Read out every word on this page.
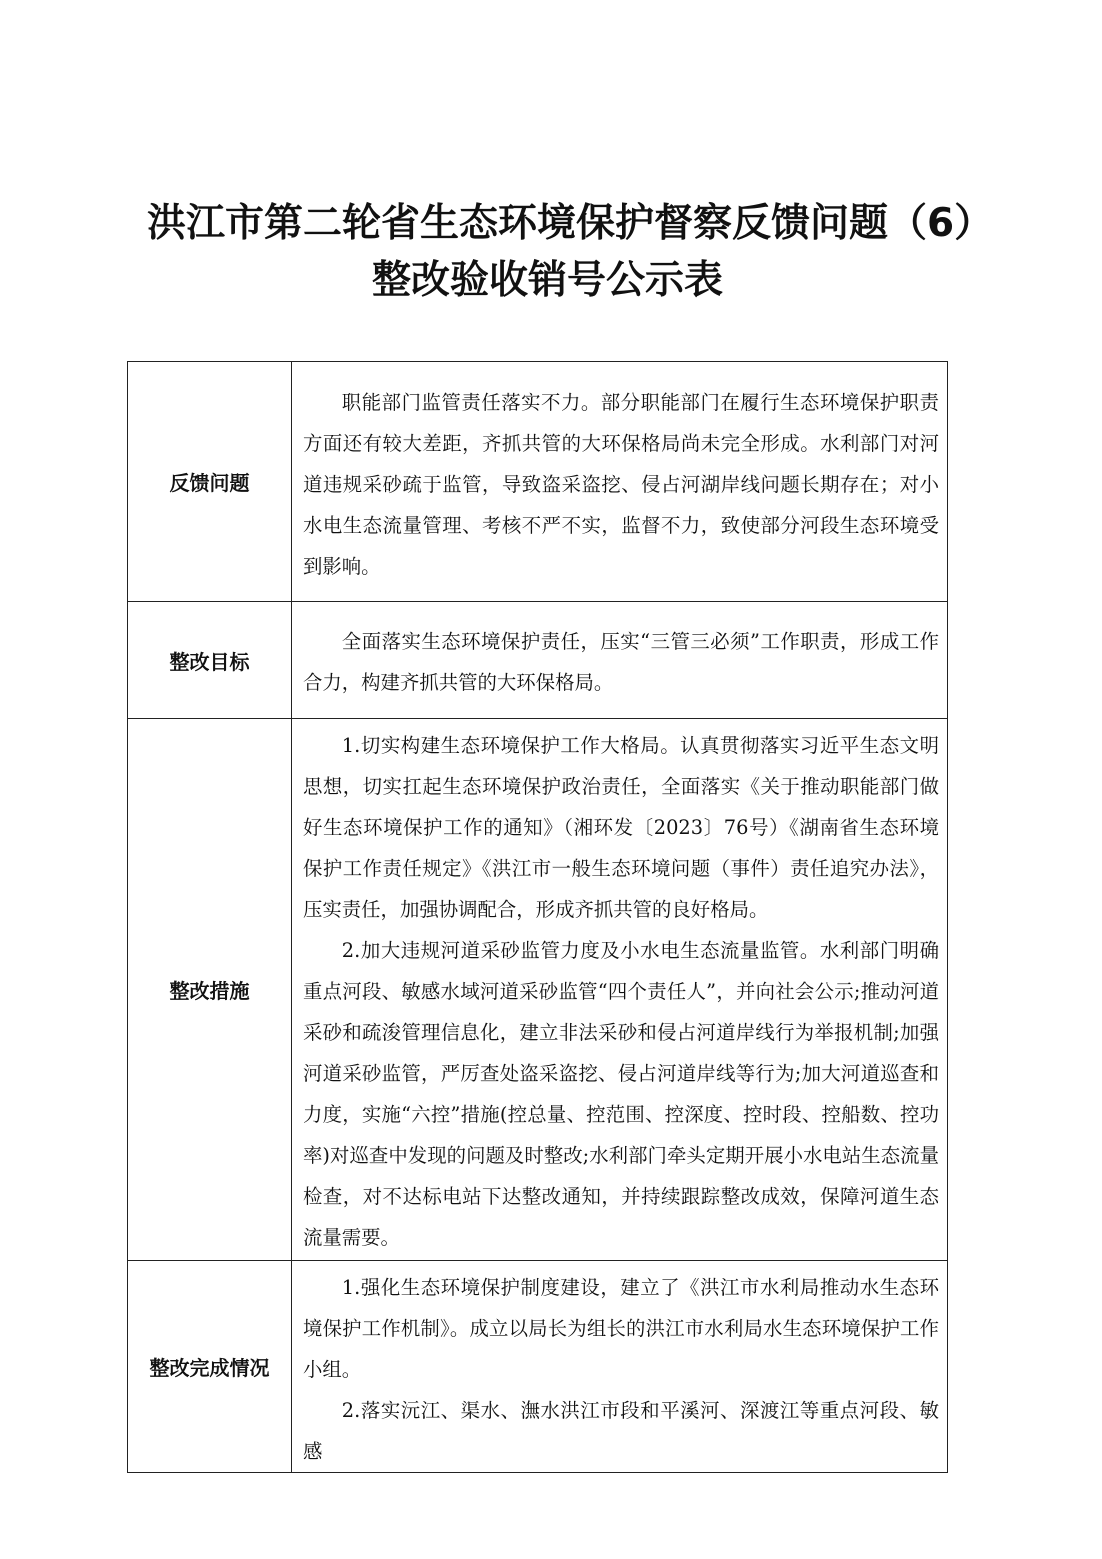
洪江市第二轮省生态环境保护督察反馈问题（6）
整改验收销号公示表
反馈问题	职能部门监管责任落实不力。部分职能部门在履行生态环境保护职责方面还有较大差距，齐抓共管的大环保格局尚未完全形成。水利部门对河道违规采砂疏于监管，导致盗采盗挖、侵占河湖岸线问题长期存在；对小水电生态流量管理、考核不严不实，监督不力，致使部分河段生态环境受到影响。

整改目标	全面落实生态环境保护责任，压实“三管三必须”工作职责，形成工作合力，构建齐抓共管的大环保格局。

整改措施	1.切实构建生态环境保护工作大格局。认真贯彻落实习近平生态文明思想，切实扛起生态环境保护政治责任，全面落实《关于推动职能部门做好生态环境保护工作的通知》（湘环发〔2023〕76号）《湖南省生态环境保护工作责任规定》《洪江市一般生态环境问题（事件）责任追究办法》，压实责任，加强协调配合，形成齐抓共管的良好格局。

2.加大违规河道采砂监管力度及小水电生态流量监管。水利部门明确重点河段、敏感水域河道采砂监管“四个责任人”，并向社会公示;推动河道采砂和疏浚管理信息化，建立非法采砂和侵占河道岸线行为举报机制;加强河道采砂监管，严厉查处盗采盗挖、侵占河道岸线等行为;加大河道巡查和力度，实施“六控”措施(控总量、控范围、控深度、控时段、控船数、控功率)对巡查中发现的问题及时整改;水利部门牵头定期开展小水电站生态流量检查，对不达标电站下达整改通知，并持续跟踪整改成效，保障河道生态流量需要。

整改完成情况	1.强化生态环境保护制度建设，建立了《洪江市水利局推动水生态环境保护工作机制》。成立以局长为组长的洪江市水利局水生态环境保护工作小组。

2.落实沅江、渠水、潕水洪江市段和平溪河、深渡江等重点河段、敏感
